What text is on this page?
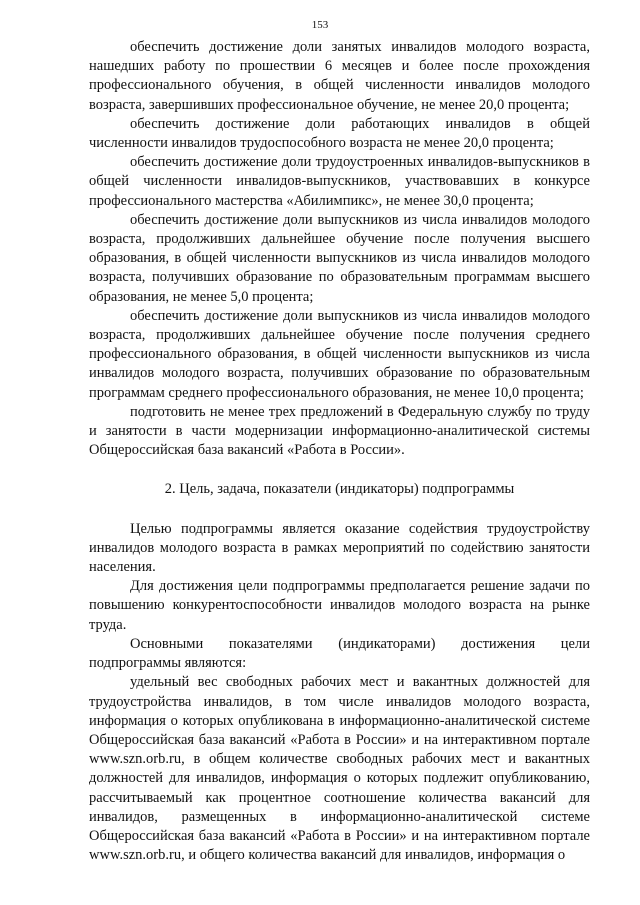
153

обеспечить достижение доли занятых инвалидов молодого возраста, нашедших работу по прошествии 6 месяцев и более после прохождения профессионального обучения, в общей численности инвалидов молодого возраста, завершивших профессиональное обучение, не менее 20,0 процента;

обеспечить достижение доли работающих инвалидов в общей численности инвалидов трудоспособного возраста не менее 20,0 процента;

обеспечить достижение доли трудоустроенных инвалидов-выпускников в общей численности инвалидов-выпускников, участвовавших в конкурсе профессионального мастерства «Абилимпикс», не менее 30,0 процента;

обеспечить достижение доли выпускников из числа инвалидов молодого возраста, продолживших дальнейшее обучение после получения высшего образования, в общей численности выпускников из числа инвалидов молодого возраста, получивших образование по образовательным программам высшего образования, не менее 5,0 процента;

обеспечить достижение доли выпускников из числа инвалидов молодого возраста, продолживших дальнейшее обучение после получения среднего профессионального образования, в общей численности выпускников из числа инвалидов молодого возраста, получивших образование по образовательным программам среднего профессионального образования, не менее 10,0 процента;

подготовить не менее трех предложений в Федеральную службу по труду и занятости в части модернизации информационно-аналитической системы Общероссийская база вакансий «Работа в России».

2. Цель, задача, показатели (индикаторы) подпрограммы

Целью подпрограммы является оказание содействия трудоустройству инвалидов молодого возраста в рамках мероприятий по содействию занятости населения.

Для достижения цели подпрограммы предполагается решение задачи по повышению конкурентоспособности инвалидов молодого возраста на рынке труда.

Основными показателями (индикаторами) достижения цели подпрограммы являются:

удельный вес свободных рабочих мест и вакантных должностей для трудоустройства инвалидов, в том числе инвалидов молодого возраста, информация о которых опубликована в информационно-аналитической системе Общероссийская база вакансий «Работа в России» и на интерактивном портале www.szn.orb.ru, в общем количестве свободных рабочих мест и вакантных должностей для инвалидов, информация о которых подлежит опубликованию, рассчитываемый как процентное соотношение количества вакансий для инвалидов, размещенных в информационно-аналитической системе Общероссийская база вакансий «Работа в России» и на интерактивном портале www.szn.orb.ru, и общего количества вакансий для инвалидов, информация о
